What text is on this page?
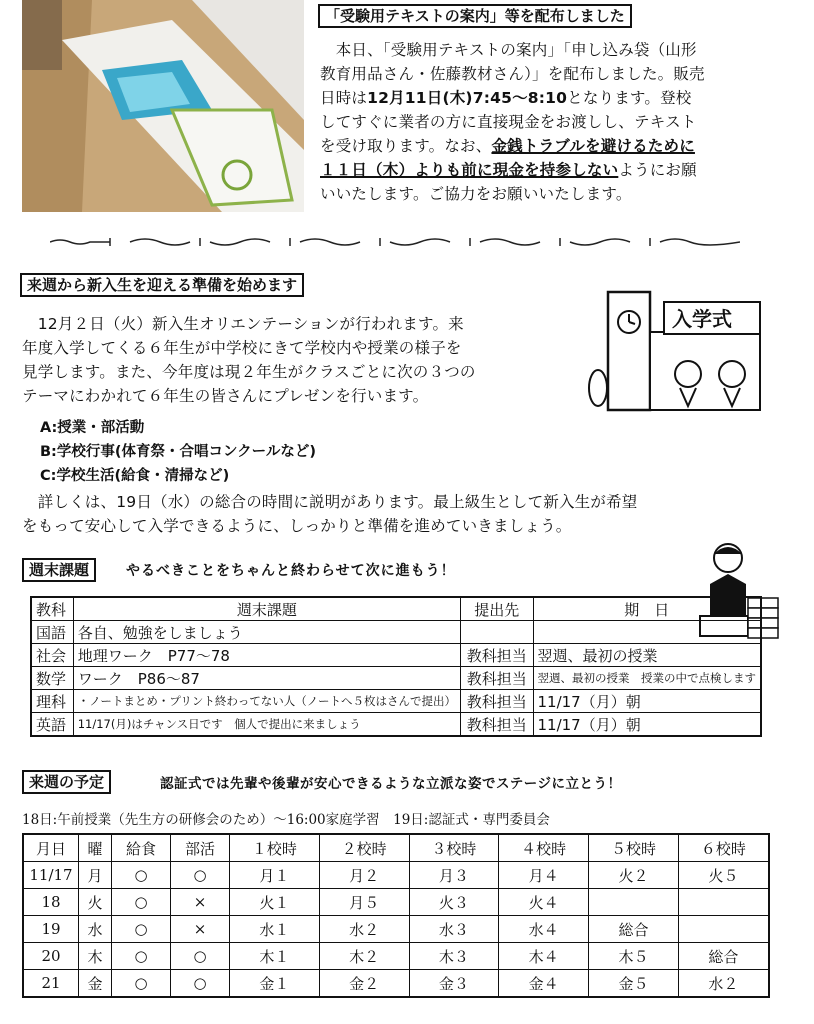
「受験用テキストの案内」等を配布しました

　本日、「受験用テキストの案内」「申し込み袋（山形

教育用品さん・佐藤教材さん）」を配布しました。販売

日時は12月11日(木)7:45～8:10となります。登校

してすぐに業者の方に直接現金をお渡しし、テキスト

を受け取ります。なお、金銭トラブルを避けるために

１１日（木）よりも前に現金を持参しないようにお願

いいたします。ご協力をお願いいたします。

来週から新入生を迎える準備を始めます

　12月２日（火）新入生オリエンテーションが行われます。来

年度入学してくる６年生が中学校にきて学校内や授業の様子を

見学します。また、今年度は現２年生がクラスごとに次の３つの

テーマにわかれて６年生の皆さんにプレゼンを行います。

A:授業・部活動
B:学校行事(体育祭・合唱コンクールなど)
C:学校生活(給食・清掃など)

　詳しくは、19日（水）の総合の時間に説明があります。最上級生として新入生が希望

をもって安心して入学できるように、しっかりと準備を進めていきましょう。

入学式
週末課題	やるべきことをちゃんと終わらせて次に進もう！
教科	週末課題	提出先	期　日
国語	各自、勉強をしましょう		
社会	地理ワーク　P77～78	教科担当	翌週、最初の授業
数学	ワーク　P86～87	教科担当	翌週、最初の授業　授業の中で点検します
理科	・ノートまとめ・プリント終わってない人（ノートへ５枚はさんで提出）	教科担当	11/17（月）朝
英語	11/17(月)はチャンス日です　個人で提出に来ましょう	教科担当	11/17（月）朝
来週の予定	認証式では先輩や後輩が安心できるような立派な姿でステージに立とう！
18日:午前授業（先生方の研修会のため）～16:00家庭学習　19日:認証式・専門委員会
月日	曜	給食	部活	１校時	２校時	３校時	４校時	５校時	６校時
11/17	月	○	○	月１	月２	月３	月４	火２	火５
18	火	○	×	火１	月５	火３	火４		
19	水	○	×	水１	水２	水３	水４	総合	
20	木	○	○	木１	木２	木３	木４	木５	総合
21	金	○	○	金１	金２	金３	金４	金５	水２
